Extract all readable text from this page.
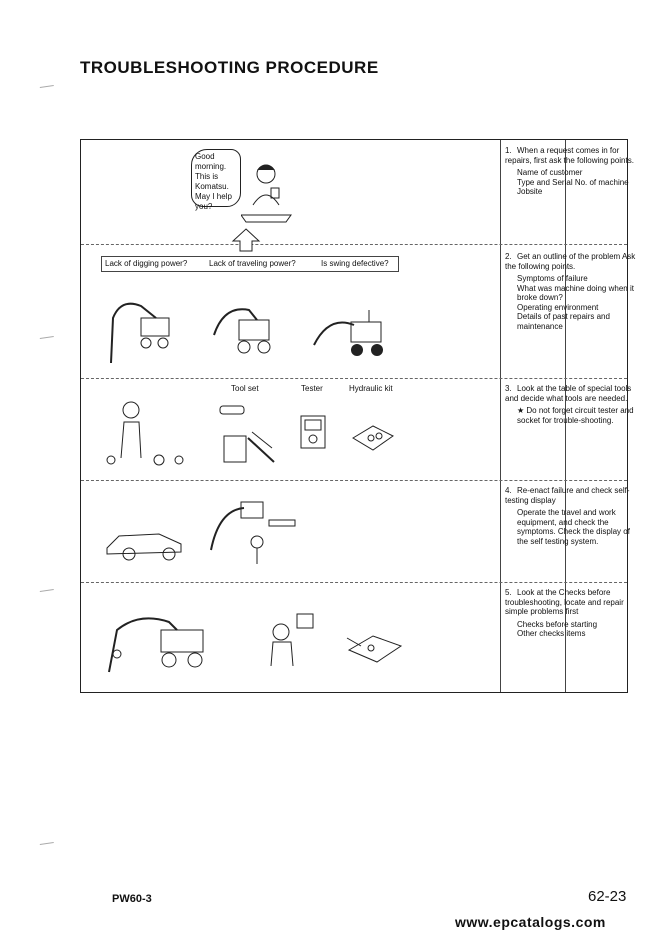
TROUBLESHOOTING PROCEDURE
Good
morning.
This is
Komatsu.
May I help
you?

1. When a request comes in for repairs, first ask the following points.

Name of customer
Type and Serial No. of machine
Jobsite

Lack of digging power?	Lack of traveling power?	Is swing defective?

2. Get an outline of the problem Ask the following points.

Symptoms of failure
What was machine doing when it broke down?
Operating environment
Details of past repairs and maintenance

Tool set	Tester	Hydraulic kit	3. Look at the table of special tools and decide what tools are needed.

★ Do not forget circuit tester and socket for trouble-shooting.

4. Re-enact failure and check self-testing display

Operate the travel and work equipment, and check the symptoms. Check the display of the self testing system.

5. Look at the Checks before troubleshooting, locate and repair simple problems first

Checks before starting
Other checks items

PW60-3	62-23
www.epcatalogs.com
